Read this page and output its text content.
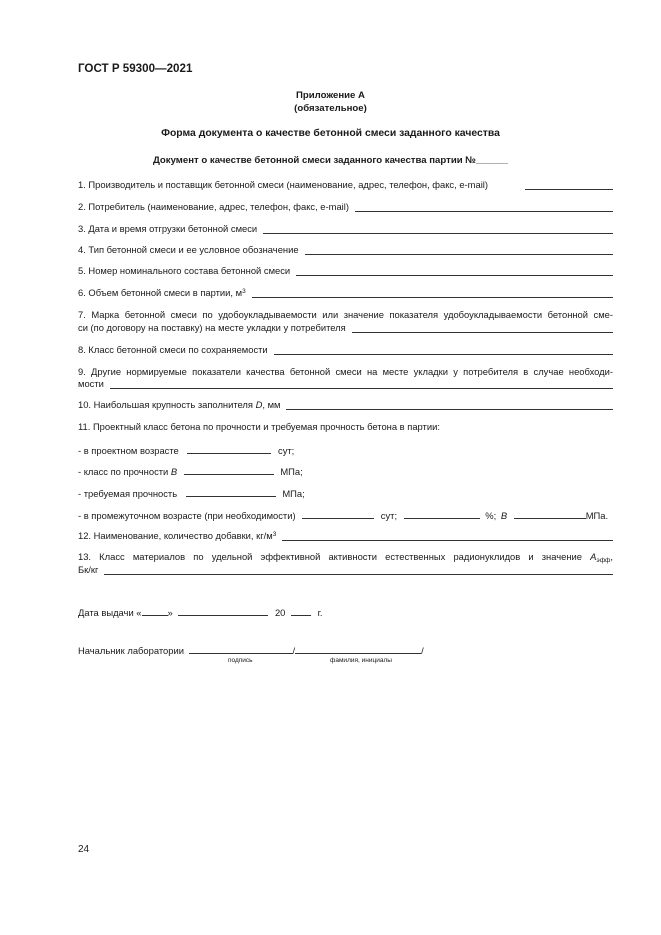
ГОСТ Р 59300—2021
Приложение А
(обязательное)
Форма документа о качестве бетонной смеси заданного качества
Документ о качестве бетонной смеси заданного качества партии №______
1. Производитель и поставщик бетонной смеси (наименование, адрес, телефон, факс, e-mail)
2. Потребитель (наименование, адрес, телефон, факс, e-mail)
3. Дата и время отгрузки бетонной смеси
4. Тип бетонной смеси и ее условное обозначение
5. Номер номинального состава бетонной смеси
6. Объем бетонной смеси в партии, $м^3$
7. Марка бетонной смеси по удобоукладываемости или значение показателя удобоукладываемости бетонной сме-
си (по договору на поставку) на месте укладки у потребителя
8. Класс бетонной смеси по сохраняемости
9. Другие нормируемые показатели качества бетонной смеси на месте укладки у потребителя в случае необходи-
мости
10. Наибольшая крупность заполнителя D, мм
11. Проектный класс бетона по прочности и требуемая прочность бетона в партии:
- в проектном возрасте	сут;
- класс по прочности В	МПа;
- требуемая прочность	МПа;
- в промежуточном возрасте (при необходимости)	сут;	%; В	МПа.
12. Наименование, количество добавки, $кг/м^3$
13. Класс материалов по удельной эффективной активности естественных радионуклидов и значение $А_{эфф}$,
Бк/кг
Дата выдачи «	»	20	г.
Начальник лаборатории	/	/
подпись	фамилия, инициалы
24
